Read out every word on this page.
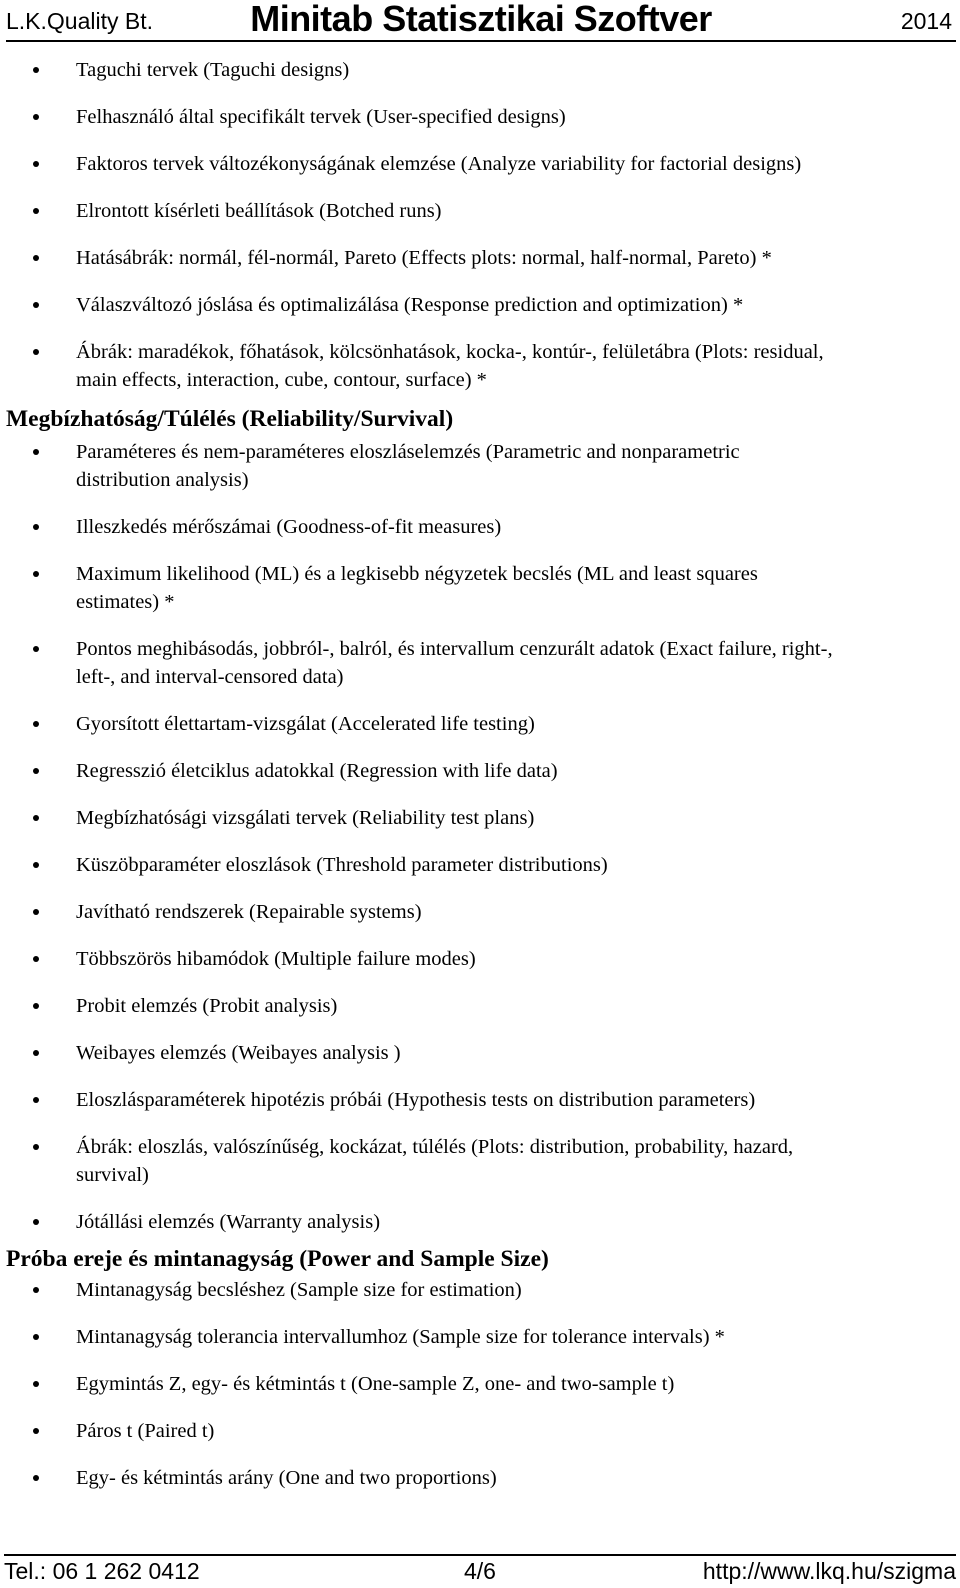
L.K.Quality Bt.	Minitab Statisztikai Szoftver	2014
Taguchi tervek (Taguchi designs)
Felhasználó által specifikált tervek (User-specified designs)
Faktoros tervek változékonyságának elemzése (Analyze variability for factorial designs)
Elrontott kísérleti beállítások (Botched runs)
Hatásábrák: normál, fél-normál, Pareto (Effects plots: normal, half-normal, Pareto) *
Válaszváltozó jóslása és optimalizálása (Response prediction and optimization) *
Ábrák: maradékok, főhatások, kölcsönhatások, kocka-, kontúr-, felületábra (Plots: residual,
main effects, interaction, cube, contour, surface) *
Megbízhatóság/Túlélés (Reliability/Survival)
Paraméteres és nem-paraméteres eloszláselemzés (Parametric and nonparametric
distribution analysis)
Illeszkedés mérőszámai (Goodness-of-fit measures)
Maximum likelihood (ML) és a legkisebb négyzetek becslés (ML and least squares
estimates) *
Pontos meghibásodás, jobbról-, balról, és intervallum cenzurált adatok (Exact failure, right-,
left-, and interval-censored data)
Gyorsított élettartam-vizsgálat (Accelerated life testing)
Regresszió életciklus adatokkal (Regression with life data)
Megbízhatósági vizsgálati tervek (Reliability test plans)
Küszöbparaméter eloszlások (Threshold parameter distributions)
Javítható rendszerek (Repairable systems)
Többszörös hibamódok (Multiple failure modes)
Probit elemzés (Probit analysis)
Weibayes elemzés (Weibayes analysis )
Eloszlásparaméterek hipotézis próbái (Hypothesis tests on distribution parameters)
Ábrák: eloszlás, valószínűség, kockázat, túlélés (Plots: distribution, probability, hazard,
survival)
Jótállási elemzés (Warranty analysis)
Próba ereje és mintanagyság (Power and Sample Size)
Mintanagyság becsléshez (Sample size for estimation)
Mintanagyság tolerancia intervallumhoz (Sample size for tolerance intervals) *
Egymintás Z, egy- és kétmintás t (One-sample Z, one- and two-sample t)
Páros t (Paired t)
Egy- és kétmintás arány (One and two proportions)
Tel.: 06 1 262 0412	4/6	http://www.lkq.hu/szigma
